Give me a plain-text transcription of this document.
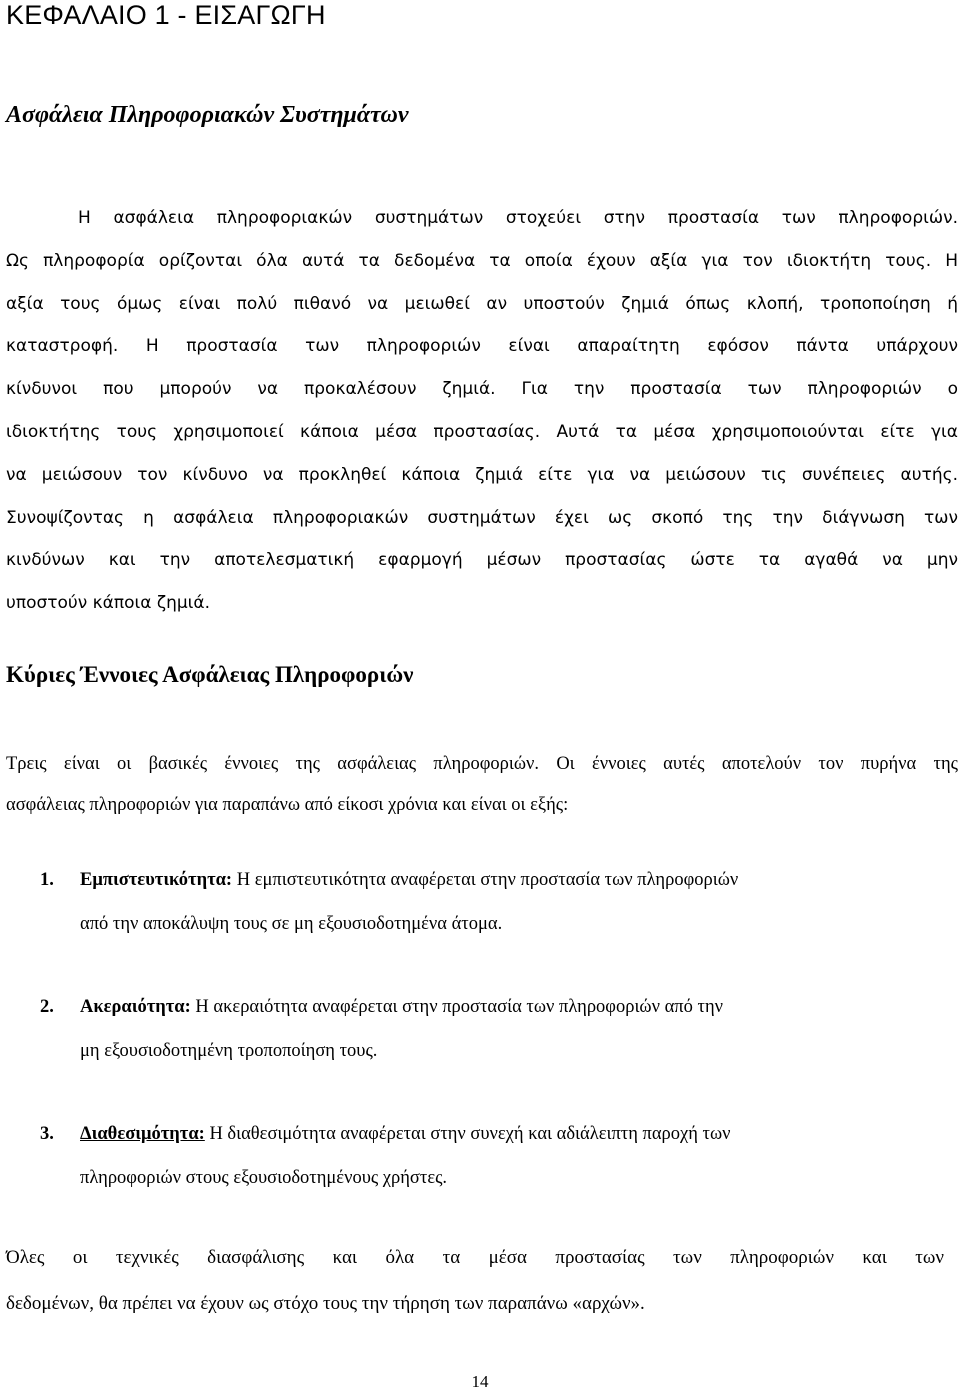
ΚΕΦΑΛΑΙΟ 1 - ΕΙΣΑΓΩΓΗ
Ασφάλεια Πληροφοριακών Συστημάτων

Η ασφάλεια πληροφοριακών συστημάτων στοχεύει στην προστασία των πληροφοριών.
Ως πληροφορία ορίζονται όλα αυτά τα δεδομένα τα οποία έχουν αξία για τον ιδιοκτήτη τους. Η
αξία τους όμως είναι πολύ πιθανό να μειωθεί αν υποστούν ζημιά όπως κλοπή, τροποποίηση ή
καταστροφή. Η προστασία των πληροφοριών είναι απαραίτητη εφόσον πάντα υπάρχουν
κίνδυνοι που μπορούν να προκαλέσουν ζημιά. Για την προστασία των πληροφοριών ο
ιδιοκτήτης τους χρησιμοποιεί κάποια μέσα προστασίας. Αυτά τα μέσα χρησιμοποιούνται είτε για
να μειώσουν τον κίνδυνο να προκληθεί κάποια ζημιά είτε για να μειώσουν τις συνέπειες αυτής.
Συνοψίζοντας η ασφάλεια πληροφοριακών συστημάτων έχει ως σκοπό της την διάγνωση των
κινδύνων και την αποτελεσματική εφαρμογή μέσων προστασίας ώστε τα αγαθά να μην
υποστούν κάποια ζημιά.

Κύριες Έννοιες Ασφάλειας Πληροφοριών

Τρεις είναι οι βασικές έννοιες της ασφάλειας πληροφοριών. Οι έννοιες αυτές αποτελούν τον πυρήνα της
ασφάλειας πληροφοριών για παραπάνω από είκοσι χρόνια και είναι οι εξής:

1. Εμπιστευτικότητα: Η εμπιστευτικότητα αναφέρεται στην προστασία των πληροφοριών
από την αποκάλυψη τους σε μη εξουσιοδοτημένα άτομα.
2. Ακεραιότητα: Η ακεραιότητα αναφέρεται στην προστασία των πληροφοριών από την
μη εξουσιοδοτημένη τροποποίηση τους.
3. Διαθεσιμότητα: Η διαθεσιμότητα αναφέρεται στην συνεχή και αδιάλειπτη παροχή των
πληροφοριών στους εξουσιοδοτημένους χρήστες.

Όλες οι τεχνικές διασφάλισης και όλα τα μέσα προστασίας των πληροφοριών και των
δεδομένων, θα πρέπει να έχουν ως στόχο τους την τήρηση των παραπάνω «αρχών».

14
